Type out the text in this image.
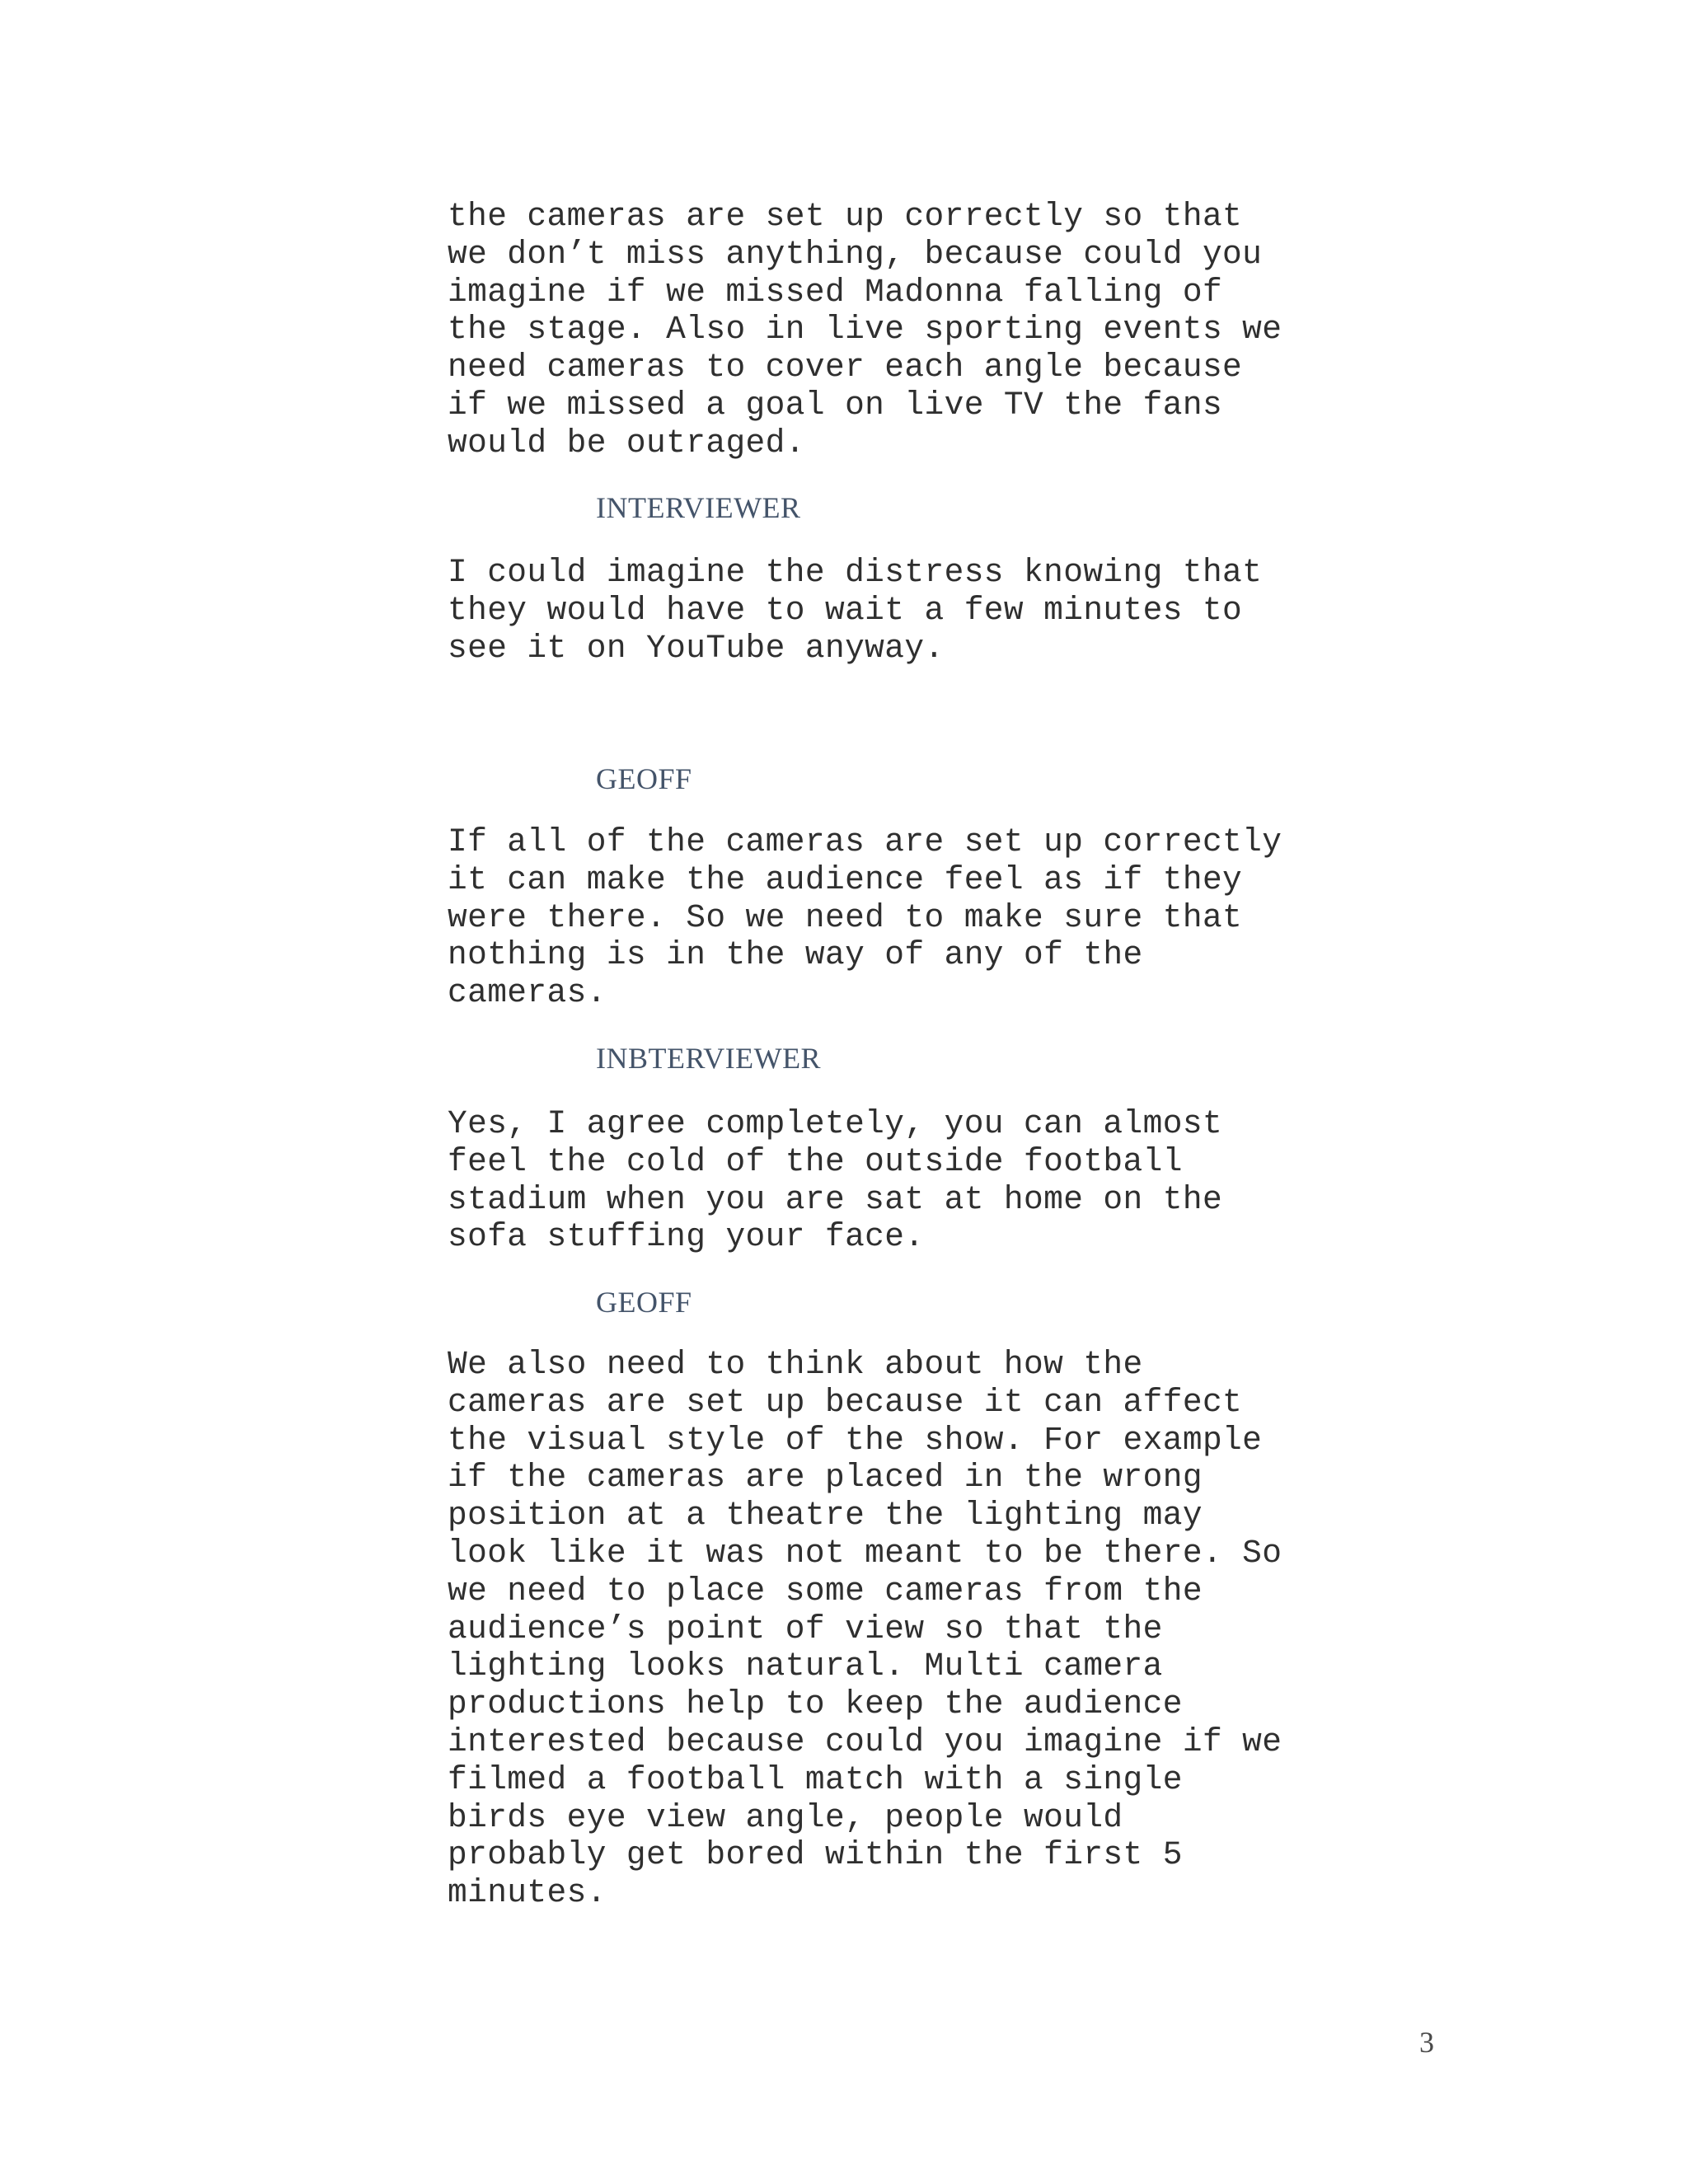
the cameras are set up correctly so that
we don’t miss anything, because could you
imagine if we missed Madonna falling of
the stage. Also in live sporting events we
need cameras to cover each angle because
if we missed a goal on live TV the fans
would be outraged.

INTERVIEWER

I could imagine the distress knowing that
they would have to wait a few minutes to
see it on YouTube anyway.

GEOFF

If all of the cameras are set up correctly
it can make the audience feel as if they
were there. So we need to make sure that
nothing is in the way of any of the
cameras.

INBTERVIEWER

Yes, I agree completely, you can almost
feel the cold of the outside football
stadium when you are sat at home on the
sofa stuffing your face.

GEOFF

We also need to think about how the
cameras are set up because it can affect
the visual style of the show. For example
if the cameras are placed in the wrong
position at a theatre the lighting may
look like it was not meant to be there. So
we need to place some cameras from the
audience’s point of view so that the
lighting looks natural. Multi camera
productions help to keep the audience
interested because could you imagine if we
filmed a football match with a single
birds eye view angle, people would
probably get bored within the first 5
minutes.

3
